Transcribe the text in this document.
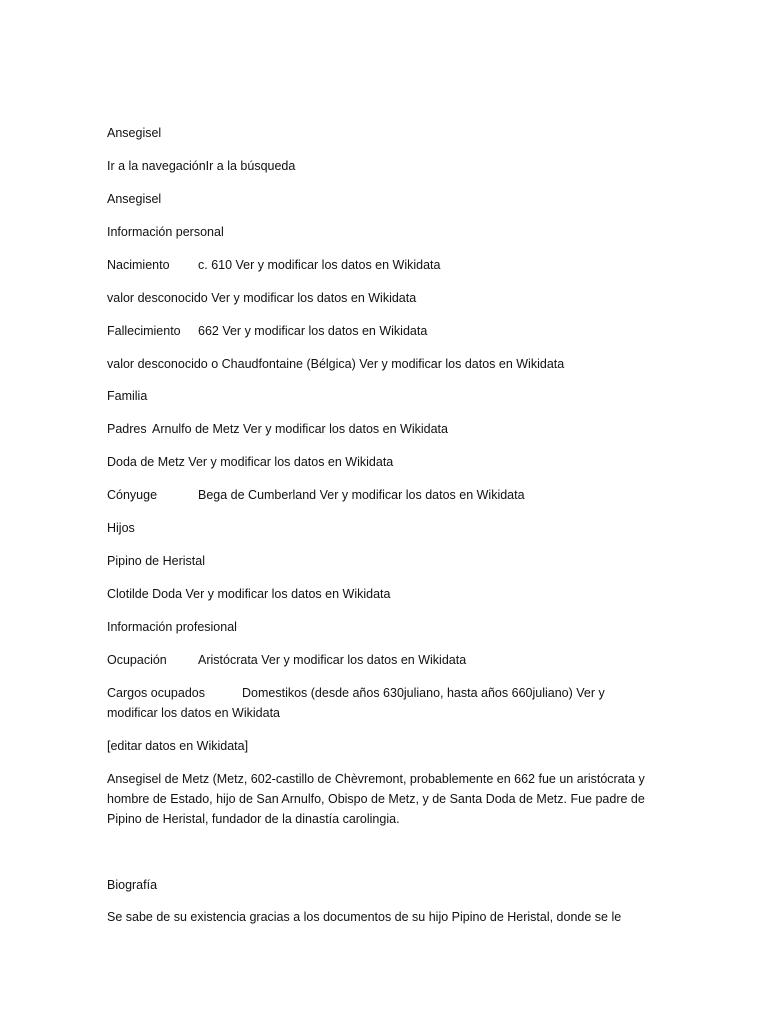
Ansegisel
Ir a la navegaciónIr a la búsqueda
Ansegisel
Información personal
Nacimiento c. 610 Ver y modificar los datos en Wikidata
valor desconocido Ver y modificar los datos en Wikidata
Fallecimiento 662 Ver y modificar los datos en Wikidata
valor desconocido o Chaudfontaine (Bélgica) Ver y modificar los datos en Wikidata
Familia
Padres Arnulfo de Metz Ver y modificar los datos en Wikidata
Doda de Metz Ver y modificar los datos en Wikidata
Cónyuge	Bega de Cumberland Ver y modificar los datos en Wikidata
Hijos
Pipino de Heristal
Clotilde Doda Ver y modificar los datos en Wikidata
Información profesional
Ocupación Aristócrata Ver y modificar los datos en Wikidata
Cargos ocupados	Domestikos (desde años 630juliano, hasta años 660juliano) Ver y
modificar los datos en Wikidata
[editar datos en Wikidata]
Ansegisel de Metz (Metz, 602-castillo de Chèvremont, probablemente en 662 fue un aristócrata y hombre de Estado, hijo de San Arnulfo, Obispo de Metz, y de Santa Doda de Metz. Fue padre de Pipino de Heristal, fundador de la dinastía carolingia.
Biografía
Se sabe de su existencia gracias a los documentos de su hijo Pipino de Heristal, donde se le
